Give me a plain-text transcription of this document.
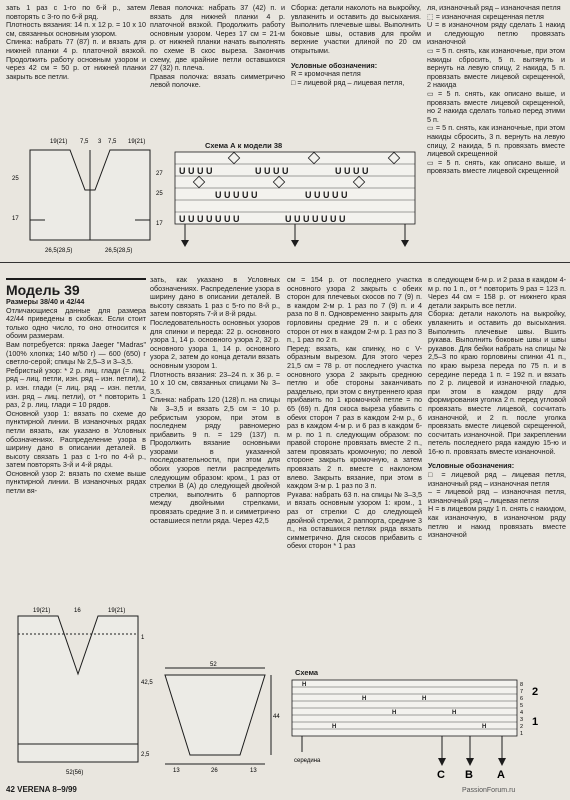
зать 1 раз с 1-го по 6-й р., затем повторять с 3-го по 6-й ряд.

Плотность вязания: 14 п. х 12 р. = 10 х 10 см, связанных основным узором.

Спинка: набрать 77 (87) п. и вязать для нижней планки 4 р. платочной вязкой. Продолжить работу основным узором и через 42 см = 50 р. от нижней планки закрыть все петли.

Левая полочка: набрать 37 (42) п. и вязать для нижней планки 4 р. платочной вязкой. Продолжить работу основным узором. Через 17 см = 21-м р. от нижней планки начать выполнять по схеме В скос выреза. Закончив схему, две крайние петли оставшихся 27 (32) п. плеча.

Правая полочка: вязать симметрично левой полочке.

Сборка: детали наколоть на выкройку, увлажнить и оставить до высыхания. Выполнить плечевые швы. Выполнить боковые швы, оставив для пройм верхние участки длиной по 20 см открытыми.

Условные обозначения:

R = кромочная петля

□ = лицевой ряд – лицевая петля,

ля, изнаночный ряд – изнаночная петля

⬚ = изнаночная скрещенная петля

U = в изнаночном ряду сделать 1 накид и следующую петлю провязать изнаночной

▭ = 5 п. снять, как изнаночные, при этом накиды сбросить, 5 п. вытянуть и вернуть на левую спицу, 2 накида, 5 п. провязать вместе лицевой скрещенной, 2 накида

▭ = 5 п. снять, как описано выше, и провязать вместе лицевой скрещенной, но 2 накида сделать только перед этими 5 п.

▭ = 5 п. снять, как изнаночные, при этом накиды сбросить, 3 п. вернуть на левую спицу, 2 накида, 5 п. провязать вместе лицевой скрещенной

▭ = 5 п. снять, как описано выше, и провязать вместе лицевой скрещенной

19(21) 7,5 3 7,5 19(21)
25
17
27
25
17
26,5(28,5)	26,5(28,5)
Схема А к модели 38
U U U U	U U U U	U U U U
U U U U U	U U U U U
U U U U U U U	U U U U U U U
Модель 39

Размеры 38/40 и 42/44

Отличающиеся данные для размера 42/44 приведены в скобках. Если стоит только одно число, то оно относится к обоим размерам.

Вам потребуется: пряжа Jaeger "Madras" (100% хлопка; 140 м/50 г) — 600 (650) г светло-серой; спицы № 2,5–3 и 3–3,5.

Ребристый узор: * 2 р. лиц. глади (= лиц. ряд – лиц. петли, изн. ряд – изн. петли), 2 р. изн. глади (= лиц. ряд – изн. петли, изн. ряд – лиц. петли), от * повторить 1 раз, 2 р. лиц. глади = 10 рядов.

Основной узор 1: вязать по схеме до пунктирной линии. В изнаночных рядах петли вязать, как указано в Условных обозначениях. Распределение узора в ширину дано в описании деталей. В высоту связать 1 раз с 1-го по 4-й р., затем повторять 3-й и 4-й ряды.

Основной узор 2: вязать по схеме выше пунктирной линии. В изнаночных рядах петли вя-

зать, как указано в Условных обозначениях. Распределение узора в ширину дано в описании деталей. В высоту связать 1 раз с 5-го по 8-й р., затем повторять 7-й и 8-й ряды.

Последовательность основных узоров для спинки и переда: 22 р. основного узора 1, 14 р. основного узора 2, 32 р. основного узора 1, 14 р. основного узора 2, затем до конца детали вязать основным узором 1.

Плотность вязания: 23–24 п. х 36 р. = 10 х 10 см, связанных спицами № 3–3,5.

Спинка: набрать 120 (128) п. на спицы № 3–3,5 и вязать 2,5 см = 10 р. ребристым узором, при этом в последнем ряду равномерно прибавить 9 п. = 129 (137) п. Продолжить вязание основными узорами в указанной последовательности, при этом для обоих узоров петли распределить следующим образом: кром., 1 раз от стрелки В (А) до следующей двойной стрелки, выполнить 6 раппортов между двойными стрелками, провязать средние 3 п. и симметрично оставшиеся петли ряда. Через 42,5

см = 154 р. от последнего участка основного узора 2 закрыть с обеих сторон для плечевых скосов по 7 (9) п. в каждом 2-м р. 1 раз по 7 (9) п. и 4 раза по 8 п. Одновременно закрыть для горловины средние 29 п. и с обеих сторон от них в каждом 2-м р. 1 раз по 3 п., 1 раз по 2 п.

Перед: вязать, как спинку, но с V-образным вырезом. Для этого через 21,5 см = 78 р. от последнего участка основного узора 2 закрыть среднюю петлю и обе стороны заканчивать раздельно, при этом с внутреннего края прибавить по 1 кромочной петле = по 65 (69) п. Для скоса выреза убавить с обеих сторон 7 раз в каждом 2-м р., 6 раз в каждом 4-м р. и 6 раз в каждом 6-м р. по 1 п. следующим образом: по правой стороне провязать вместе 2 п., затем провязать кромочную; по левой стороне закрыть кромочную, а затем провязать 2 п. вместе с наклоном влево. Закрыть вязание, при этом в каждом 3-м р. 1 раз по 3 п.

Рукава: набрать 63 п. на спицы № 3–3,5 и вязать основным узором 1: кром., 1 раз от стрелки С до следующей двойной стрелки, 2 раппорта, средние 3 п., на оставшихся петлях ряда вязать симметрично. Для скосов прибавить с обеих сторон * 1 раз

в следующем 6-м р. и 2 раза в каждом 4-м р. по 1 п., от * повторить 9 раз = 123 п. Через 44 см = 158 р. от нижнего края детали закрыть все петли.

Сборка: детали наколоть на выкройку, увлажнить и оставить до высыхания. Выполнить плечевые швы. Вшить рукава. Выполнить боковые швы и швы рукавов. Для бейки набрать на спицы № 2,5–3 по краю горловины спинки 41 п., по краю выреза переда по 75 п. и в середине переда 1 п. = 192 п. и вязать по 2 р. лицевой и изнаночной гладью, при этом в каждом ряду для формирования уголка 2 п. перед угловой провязать вместе лицевой, сосчитать изнаночной, и 2 п. после уголка провязать вместе лицевой скрещенной, сосчитать изнаночной. При закреплении петель последнего ряда каждую 15-ю и 16-ю п. провязать вместе изнаночной.

Условные обозначения:

□ = лицевой ряд – лицевая петля, изнаночный ряд – изнаночная петля

– = лицевой ряд – изнаночная петля, изнаночный ряд – лицевая петля

H = в лицевом ряду 1 п. снять с накидом, как изнаночную, в изнаночном ряду петлю и накид провязать вместе изнаночной

19(21)	16	19(21)
42,5
1
2,5
52(56)
52
44
13	26	13
Схема
H
H	H
H	H
H	H
8
7
6
5
4
3
2
1
2
1
C B A
середина
42 VERENA 8–9/99	PassionForum.ru
